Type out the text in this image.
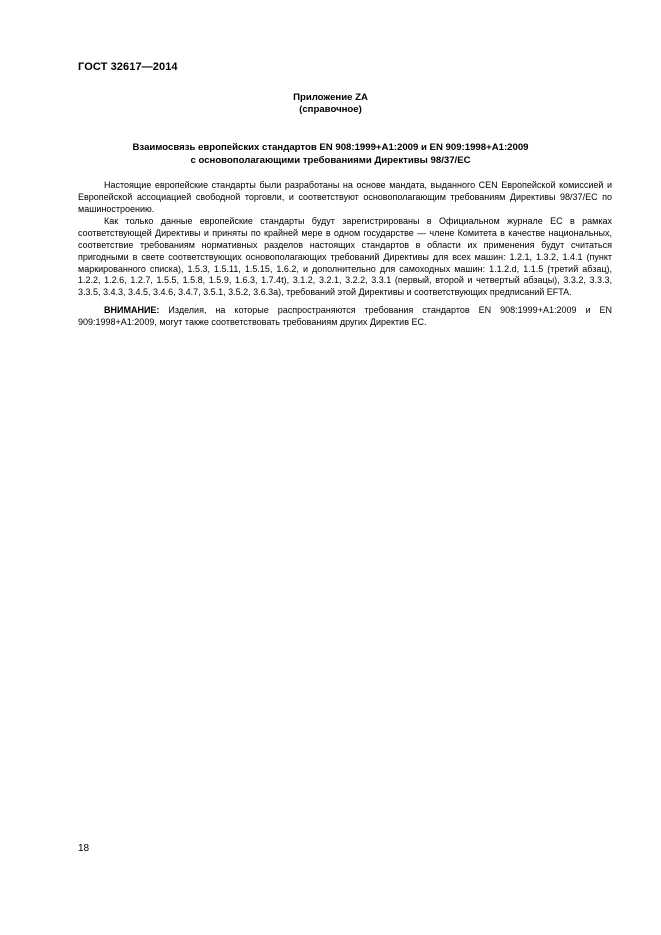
ГОСТ 32617—2014
Приложение ZA
(справочное)
Взаимосвязь европейских стандартов EN 908:1999+A1:2009 и EN 909:1998+A1:2009
с основополагающими требованиями Директивы 98/37/ЕС

Настоящие европейские стандарты были разработаны на основе мандата, выданного CEN Европейской комиссией и Европейской ассоциацией свободной торговли, и соответствуют основополагающим требованиям Директивы 98/37/ЕС по машиностроению.

Как только данные европейские стандарты будут зарегистрированы в Официальном журнале ЕС в рамках соответствующей Директивы и приняты по крайней мере в одном государстве — члене Комитета в качестве национальных, соответствие требованиям нормативных разделов настоящих стандартов в области их применения будут считаться пригодными в свете соответствующих основополагающих требований Директивы для всех машин: 1.2.1, 1.3.2, 1.4.1 (пункт маркированного списка), 1.5.3, 1.5.11, 1.5.15, 1.6.2, и дополнительно для самоходных машин: 1.1.2.d, 1.1.5 (третий абзац), 1.2.2, 1.2.6, 1.2.7, 1.5.5, 1.5.8, 1.5.9, 1.6.3, 1.7.4t), 3.1.2, 3.2.1, 3.2.2, 3.3.1 (первый, второй и четвертый абзацы), 3.3.2, 3.3.3, 3.3.5, 3.4.3, 3.4.5, 3.4.6, 3.4.7, 3.5.1, 3.5.2, 3.6.3а), требований этой Директивы и соответствующих предписаний EFTA.

ВНИМАНИЕ: Изделия, на которые распространяются требования стандартов EN 908:1999+A1:2009 и EN 909:1998+A1:2009, могут также соответствовать требованиям других Директив ЕС.

18
